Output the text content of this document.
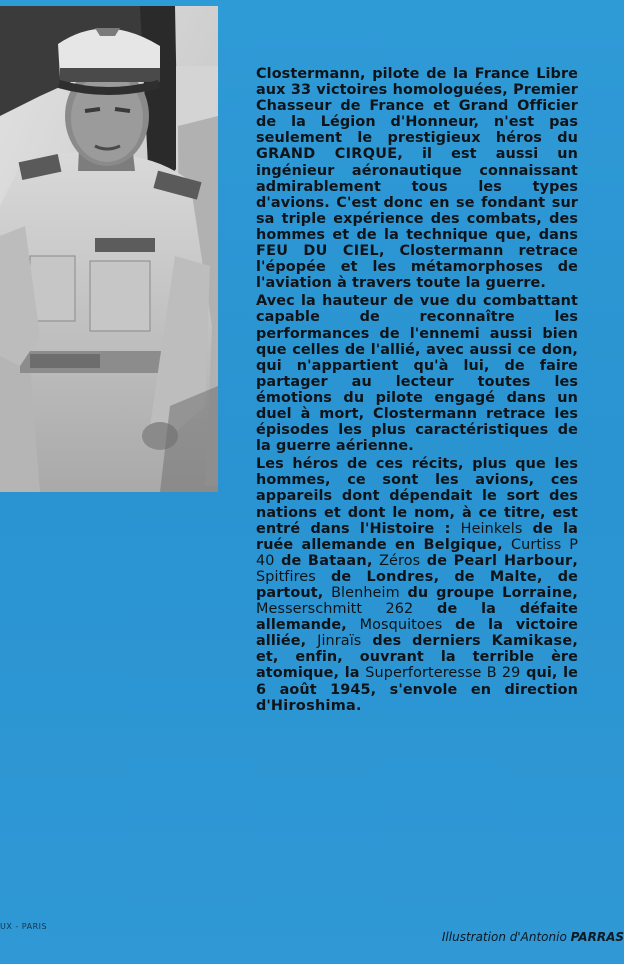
Clostermann, pilote de la France Libre aux 33 victoires homologuées, Premier Chasseur de France et Grand Officier de la Légion d'Honneur, n'est pas seulement le prestigieux héros du GRAND CIRQUE, il est aussi un ingénieur aéronautique connaissant admirablement tous les types d'avions. C'est donc en se fondant sur sa triple expérience des combats, des hommes et de la technique que, dans FEU DU CIEL, Clostermann retrace l'épopée et les métamorphoses de l'aviation à travers toute la guerre.

Avec la hauteur de vue du combattant capable de reconnaître les performances de l'ennemi aussi bien que celles de l'allié, avec aussi ce don, qui n'appartient qu'à lui, de faire partager au lecteur toutes les émotions du pilote engagé dans un duel à mort, Clostermann retrace les épisodes les plus caractéristiques de la guerre aérienne.

Les héros de ces récits, plus que les hommes, ce sont les avions, ces appareils dont dépendait le sort des nations et dont le nom, à ce titre, est entré dans l'Histoire : Heinkels de la ruée allemande en Belgique, Curtiss P 40 de Bataan, Zéros de Pearl Harbour, Spitfires de Londres, de Malte, de partout, Blenheim du groupe Lorraine, Messerschmitt 262 de la défaite allemande, Mosquitoes de la victoire alliée, Jinraïs des derniers Kamikase, et, enfin, ouvrant la terrible ère atomique, la Superforteresse B 29 qui, le 6 août 1945, s'envole en direction d'Hiroshima.

UX - PARIS
Illustration d'Antonio PARRAS
